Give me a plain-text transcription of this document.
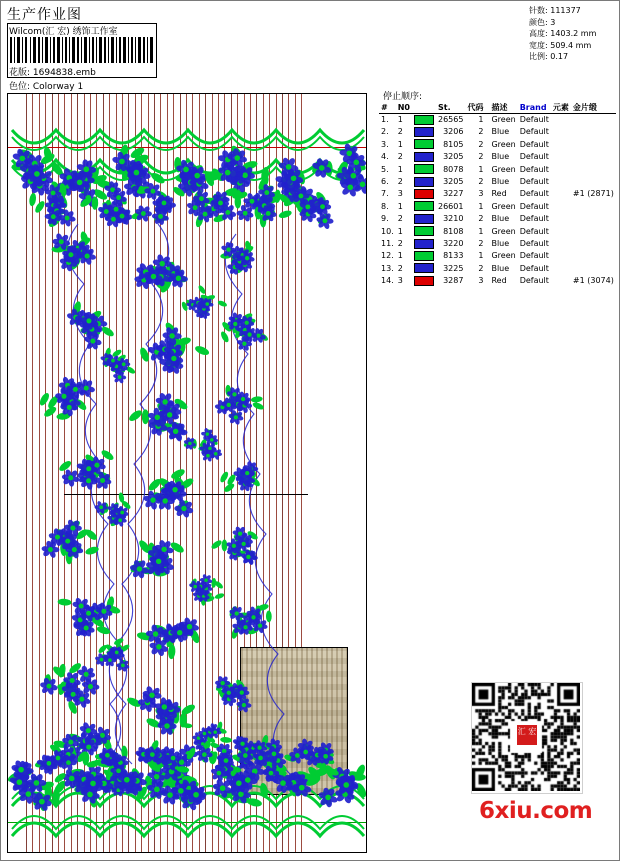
生产作业图
Wilcom(汇 宏) 绣饰工作室
花版: 1694838.emb
色位: Colorway 1
针数: 111377
颜色: 3
高度: 1403.2 mm
宽度: 509.4 mm
比例: 0.17
停止顺序:
#	N0		St.	代码	描述	Brand	元素	金片缎
1.	1		26565	1	Green	Default		
2.	2		3206	2	Blue	Default		
3.	1		8105	2	Green	Default		
4.	2		3205	2	Blue	Default		
5.	1		8078	1	Green	Default		
6.	2		3205	2	Blue	Default		
7.	3		3227	3	Red	Default		#1 (2871)
8.	1		26601	1	Green	Default		
9.	2		3210	2	Blue	Default		
10.	1		8108	1	Green	Default		
11.	2		3220	2	Blue	Default		
12.	1		8133	1	Green	Default		
13.	2		3225	2	Blue	Default		
14.	3		3287	3	Red	Default		#1 (3074)
汇 宏
6xiu.com
